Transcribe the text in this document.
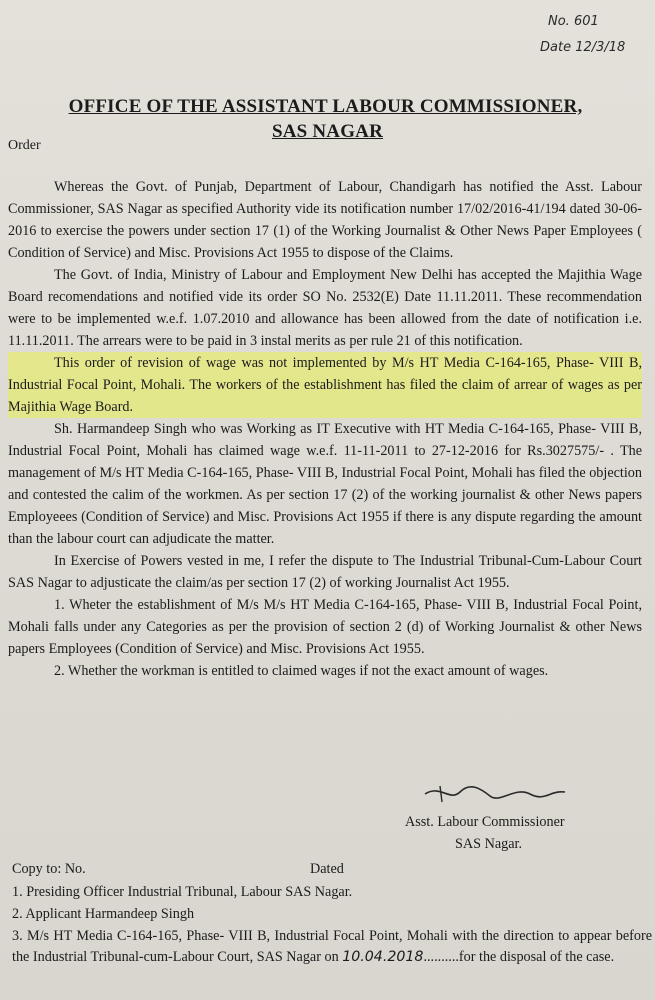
No. 601
Date 12/3/18
OFFICE OF THE ASSISTANT LABOUR COMMISSIONER,
SAS NAGAR
Order

Whereas the Govt. of Punjab, Department of Labour, Chandigarh has notified the Asst. Labour Commissioner, SAS Nagar as specified Authority vide its notification number 17/02/2016-41/194 dated 30-06-2016 to exercise the powers under section 17 (1) of the Working Journalist & Other News Paper Employees ( Condition of Service) and Misc. Provisions Act 1955 to dispose of the Claims.

The Govt. of India, Ministry of Labour and Employment New Delhi has accepted the Majithia Wage Board recomendations and notified vide its order SO No. 2532(E) Date 11.11.2011. These recommendation were to be implemented w.e.f. 1.07.2010 and allowance has been allowed from the date of notification i.e. 11.11.2011. The arrears were to be paid in 3 instal merits as per rule 21 of this notification.

This order of revision of wage was not implemented by M/s HT Media C-164-165, Phase- VIII B, Industrial Focal Point, Mohali. The workers of the establishment has filed the claim of arrear of wages as per Majithia Wage Board.

Sh. Harmandeep Singh who was Working as IT Executive with HT Media C-164-165, Phase- VIII B, Industrial Focal Point, Mohali has claimed wage w.e.f. 11-11-2011 to 27-12-2016 for Rs.3027575/- . The management of M/s HT Media C-164-165, Phase- VIII B, Industrial Focal Point, Mohali has filed the objection and contested the calim of the workmen. As per section 17 (2) of the working journalist & other News papers Employeees (Condition of Service) and Misc. Provisions Act 1955 if there is any dispute regarding the amount than the labour court can adjudicate the matter.

In Exercise of Powers vested in me, I refer the dispute to The Industrial Tribunal-Cum-Labour Court SAS Nagar to adjusticate the claim/as per section 17 (2) of working Journalist Act 1955.

1. Wheter the establishment of M/s M/s HT Media C-164-165, Phase- VIII B, Industrial Focal Point, Mohali falls under any Categories as per the provision of section 2 (d) of Working Journalist & other News papers Employees (Condition of Service) and Misc. Provisions Act 1955.

2. Whether the workman is entitled to claimed wages if not the exact amount of wages.

Asst. Labour Commissioner
SAS Nagar.
Copy to: No.	Dated
1. Presiding Officer Industrial Tribunal, Labour SAS Nagar.
2. Applicant Harmandeep Singh
3. M/s HT Media C-164-165, Phase- VIII B, Industrial Focal Point, Mohali with the direction to appear before the Industrial Tribunal-cum-Labour Court, SAS Nagar on 10.04.2018..........for the disposal of the case.
